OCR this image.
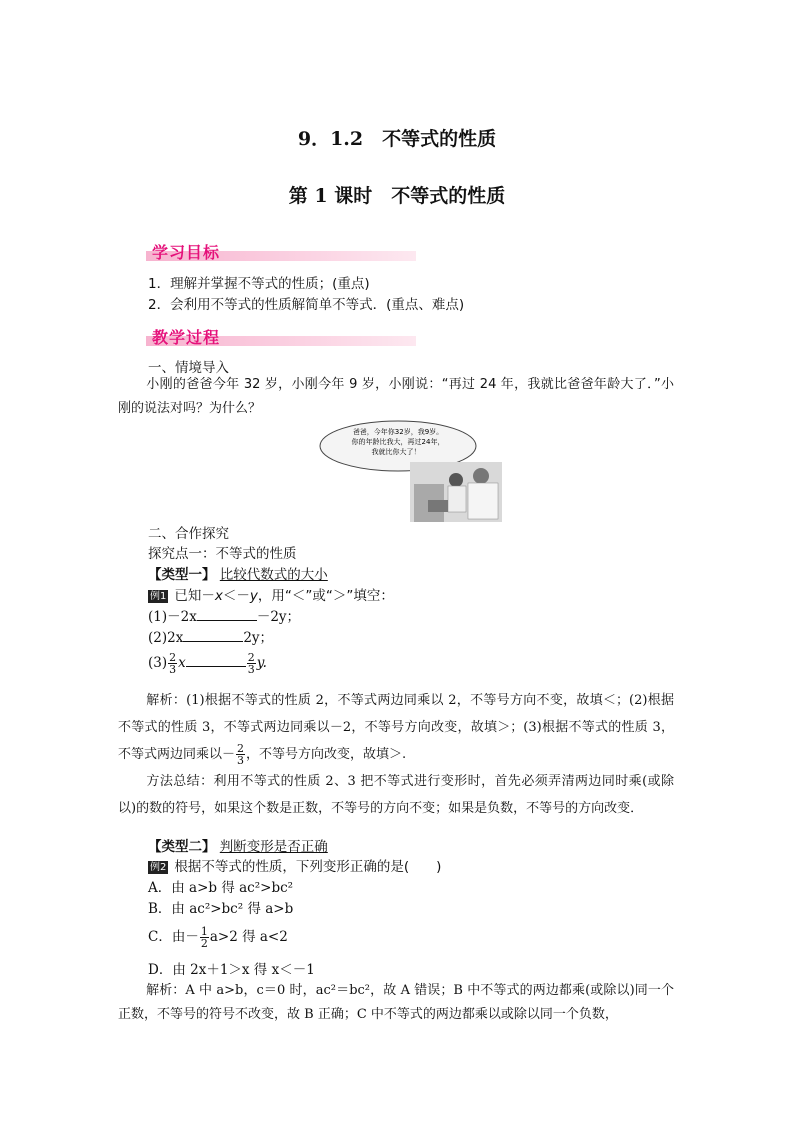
9．1.2　不等式的性质
第 1 课时　不等式的性质
学习目标
1．理解并掌握不等式的性质；(重点)
2．会利用不等式的性质解简单不等式．(重点、难点)
教学过程
一、情境导入
小刚的爸爸今年 32 岁，小刚今年 9 岁，小刚说：“再过 24 年，我就比爸爸年龄大了．”小刚的说法对吗？为什么？
爸爸，今年你32岁，我9岁。
你的年龄比我大，再过24年，
我就比你大了！
二、合作探究
探究点一：不等式的性质
【类型一】 比较代数式的大小
例1 已知－x＜－y，用“＜”或“＞”填空：
(1)－2x	－2y；
(2)2x	2y；
$(3) \frac{2}{3}$ x	$\frac{2}{3} y$.
解析：(1)根据不等式的性质 2，不等式两边同乘以 2，不等号方向不变，故填＜；(2)根据不等式的性质 3，不等式两边同乘以－2，不等号方向改变，故填＞；(3)根据不等式的性质 3，不等式两边同乘以－ $\frac{2}{3}$ ，不等号方向改变，故填＞.
方法总结：利用不等式的性质 2、3 把不等式进行变形时，首先必须弄清两边同时乘(或除以)的数的符号，如果这个数是正数，不等号的方向不变；如果是负数，不等号的方向改变．
【类型二】 判断变形是否正确
例2 根据不等式的性质，下列变形正确的是(　　)
A．由 a>b 得 ac²>bc²
B．由 ac²>bc² 得 a>b
C．由－ $\frac{1}{2} a>2$ 得 a<2
D．由 2x＋1＞x 得 x＜－1
解析：A 中 a>b，c＝0 时，ac²＝bc²，故 A 错误；B 中不等式的两边都乘(或除以)同一个正数，不等号的符号不改变，故 B 正确；C 中不等式的两边都乘以或除以同一个负数，
